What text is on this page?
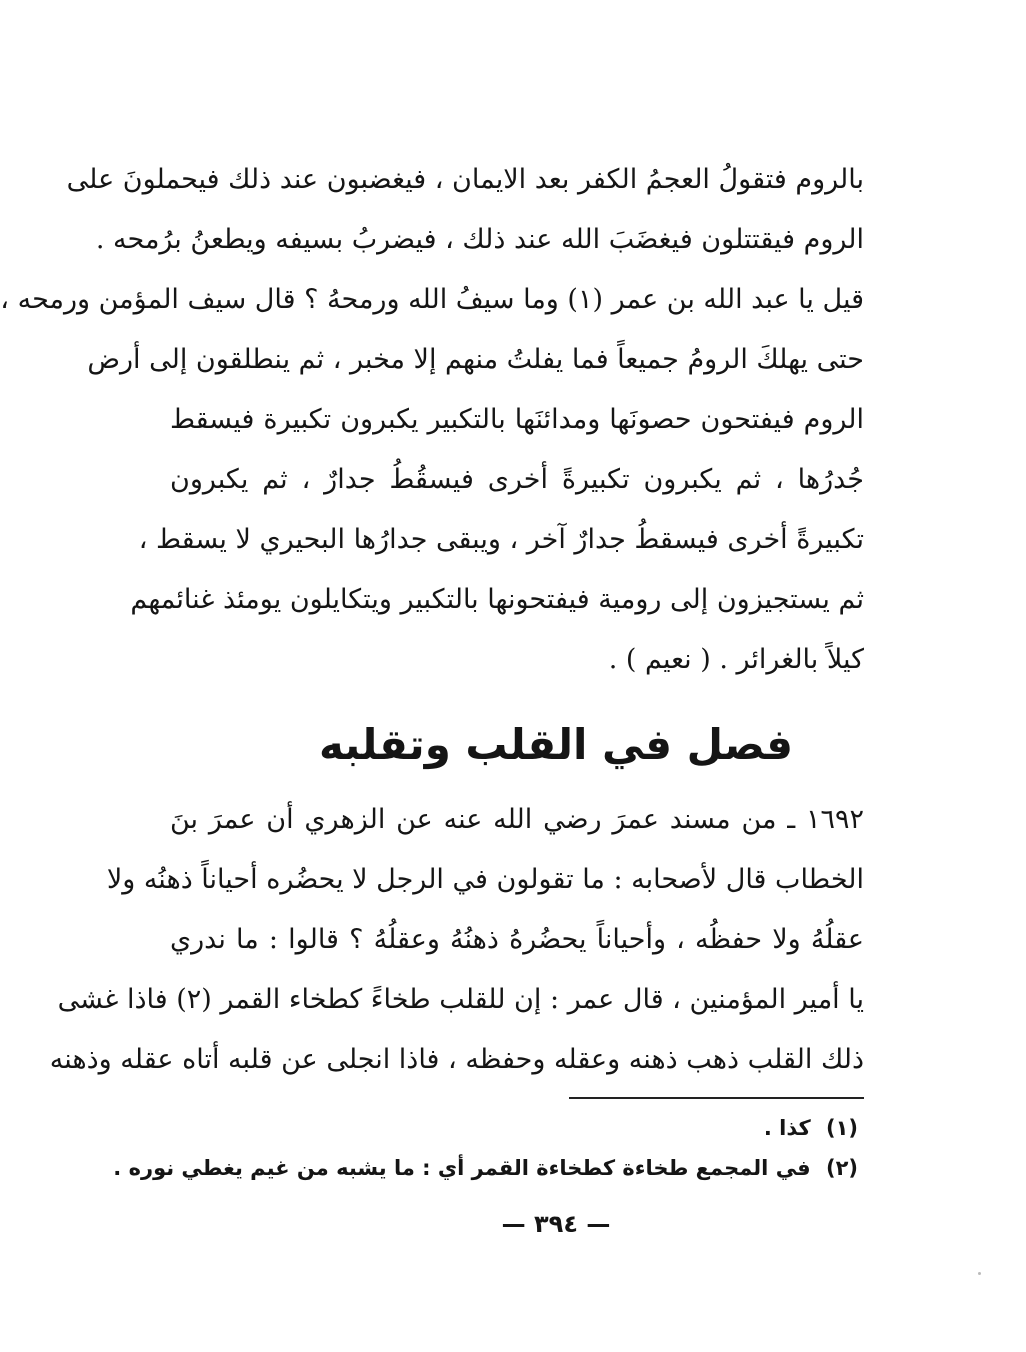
بالروم فتقولُ العجمُ الكفر بعد الايمان ، فيغضبون عند ذلك فيحملونَ على
الروم فيقتتلون فيغضَبَ الله عند ذلك ، فيضربُ بسيفه ويطعنُ برُمحه .
قيل يا عبد الله بن عمر (١) وما سيفُ الله ورمحهُ ؟ قال سيف المؤمن ورمحه ،
حتى يهلكَ الرومُ جميعاً فما يفلتُ منهم إلا مخبر ، ثم ينطلقون إلى أرض
الروم فيفتحون حصونَها ومدائنَها بالتكبير يكبرون تكبيرة فيسقط
جُدرُها ، ثم يكبرون تكبيرةً أخرى فيسقُطُ جدارٌ ، ثم يكبرون
تكبيرةً أخرى فيسقطُ جدارٌ آخر ، ويبقى جدارُها البحيري لا يسقط ،
ثم يستجيزون إلى رومية فيفتحونها بالتكبير ويتكايلون يومئذ غنائمهم
كيلاً بالغرائر . ( نعيم ) .
فصل في القلب وتقلبه
١٦٩٢ ـ من مسند عمرَ رضي الله عنه عن الزهري أن عمرَ بنَ
الخطاب قال لأصحابه : ما تقولون في الرجل لا يحضُره أحياناً ذهنُه ولا
عقلُهُ ولا حفظُه ، وأحياناً يحضُرهُ ذهنُهُ وعقلُهُ ؟ قالوا : ما ندري
يا أمير المؤمنين ، قال عمر : إن للقلب طخاءً كطخاء القمر (٢) فاذا غشى
ذلك القلب ذهب ذهنه وعقله وحفظه ، فاذا انجلى عن قلبه أتاه عقله وذهنه
(١) كذا .
(٢) في المجمع طخاءة كطخاءة القمر أي : ما يشبه من غيم يغطي نوره .
— ٣٩٤ —
